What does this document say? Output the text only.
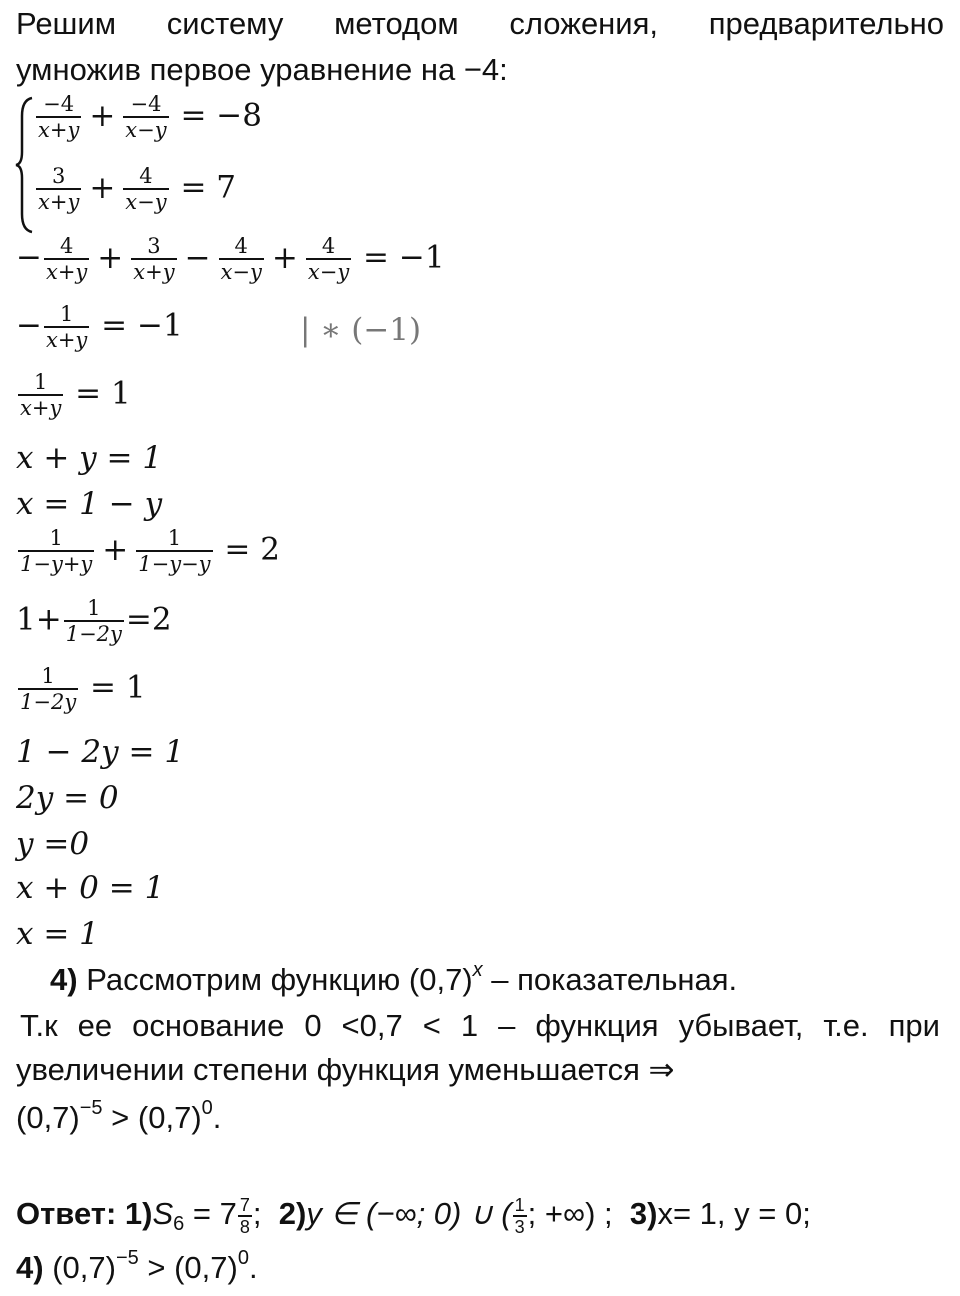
Решим систему методом сложения, предварительно
умножив первое уравнение на −4:
$\frac{-4}{x+y} + \frac{-4}{x-y} = -8$
$\frac{3}{x+y} + \frac{4}{x-y} = 7$
− $\frac{4}{x+y} + \frac{3}{x+y} - \frac{4}{x-y} + \frac{4}{x-y} = -1$
− $\frac{1}{x+y} = -1$	| ∗ (−1)
$\frac{1}{x+y} = 1$
x + y = 1
x = 1 − y
$\frac{1}{1-y+y} + \frac{1}{1-y-y} = 2$
$1+ \frac{1}{1-2y} =2$
$\frac{1}{1-2y} = 1$
1 − 2y = 1
2y = 0
y =0
x + 0 = 1
x = 1
4) Рассмотрим функцию $(0,7)^x$ – показательная.
Т.к ее основание 0 <0,7 < 1 – функция убывает, т.е. при
увеличении степени функция уменьшается ⇒
$(0,7)^{-5} > (0,7)^0$.
Ответ: $1)S_6 = 7 \frac{7}{8}$ ; 2)y ∈ (−∞; 0) ∪ ( $\frac{1}{3}$ ; +∞) ; 3)x= 1, y = 0;
4) $(0,7)^{-5} > (0,7)^0$.
